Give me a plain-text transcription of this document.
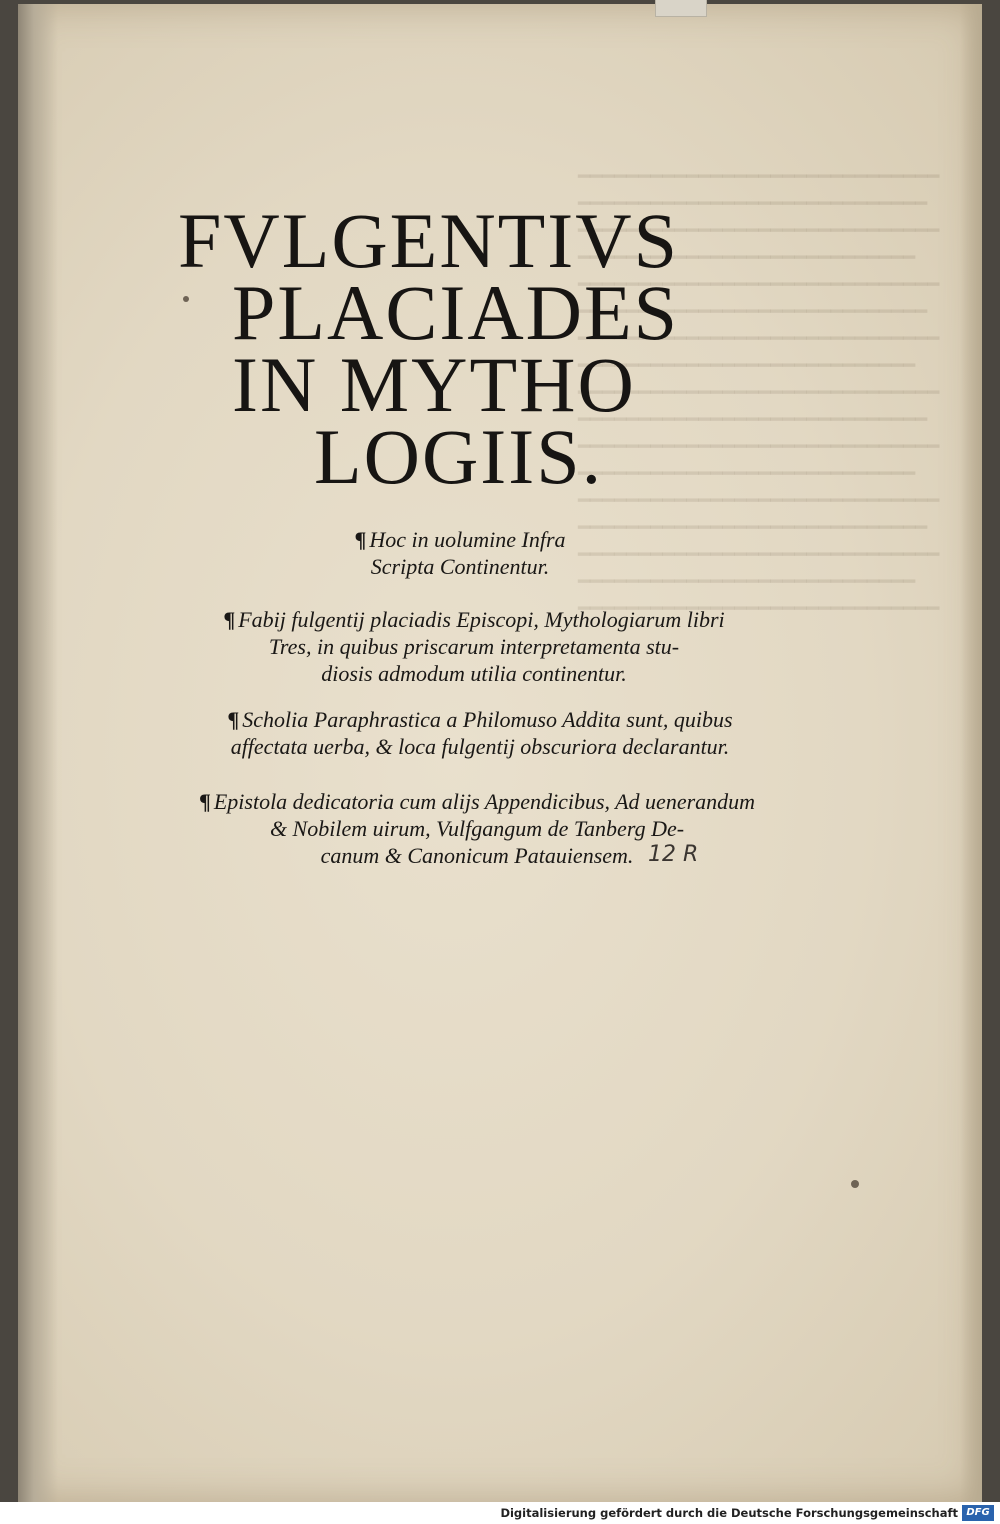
━━━━━━━━━━━━━━━━━━━━━━━━━━━━━━
━━━━━━━━━━━━━━━━━━━━━━━━━━━━━
━━━━━━━━━━━━━━━━━━━━━━━━━━━━━━
━━━━━━━━━━━━━━━━━━━━━━━━━━━━
━━━━━━━━━━━━━━━━━━━━━━━━━━━━━━
━━━━━━━━━━━━━━━━━━━━━━━━━━━━━
━━━━━━━━━━━━━━━━━━━━━━━━━━━━━━
━━━━━━━━━━━━━━━━━━━━━━━━━━━━
━━━━━━━━━━━━━━━━━━━━━━━━━━━━━━
━━━━━━━━━━━━━━━━━━━━━━━━━━━━━
━━━━━━━━━━━━━━━━━━━━━━━━━━━━━━
━━━━━━━━━━━━━━━━━━━━━━━━━━━━
━━━━━━━━━━━━━━━━━━━━━━━━━━━━━━
━━━━━━━━━━━━━━━━━━━━━━━━━━━━━
━━━━━━━━━━━━━━━━━━━━━━━━━━━━━━
━━━━━━━━━━━━━━━━━━━━━━━━━━━━
━━━━━━━━━━━━━━━━━━━━━━━━━━━━━━
FVLGENTIVS
PLACIADES
IN MYTHO
LOGIIS.
¶ Hoc in uolumine Infra
Scripta Continentur.
¶ Fabij fulgentij placiadis Episcopi, Mythologiarum libri
Tres, in quibus priscarum interpretamenta stu-
diosis admodum utilia continentur.
¶ Scholia Paraphrastica a Philomuso Addita sunt, quibus
affectata uerba, & loca fulgentij obscuriora declarantur.
¶ Epistola dedicatoria cum alijs Appendicibus, Ad uenerandum
& Nobilem uirum, Vulfgangum de Tanberg De-
canum & Canonicum Patauiensem. 12 R
Digitalisierung gefördert durch die Deutsche Forschungsgemeinschaft DFG
